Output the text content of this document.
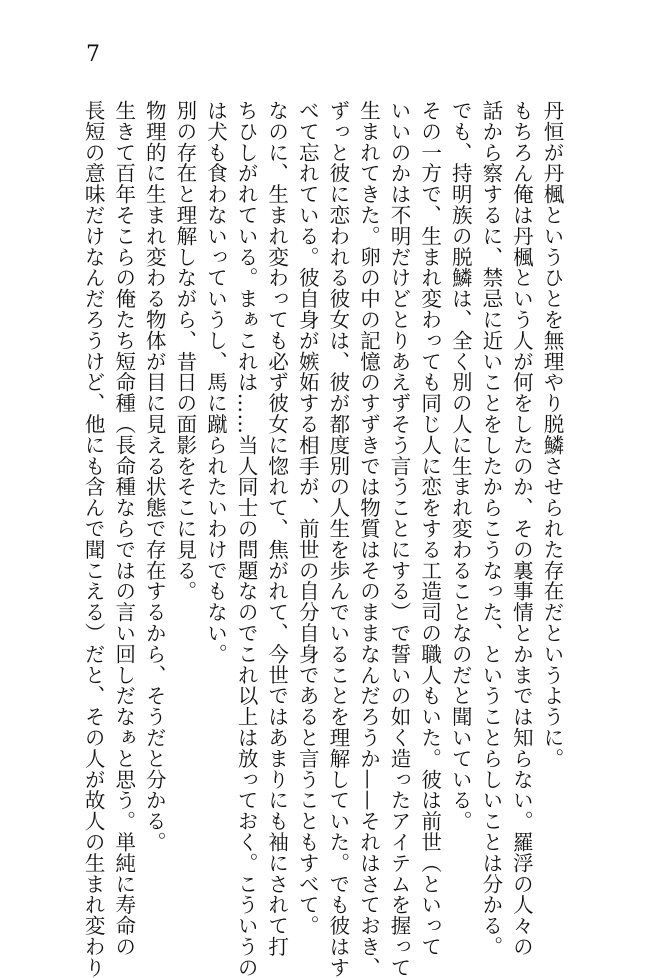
7
丹恒が丹楓というひとを無理やり脱鱗させられた存在だというように。
もちろん俺は丹楓という人が何をしたのか、その裏事情とかまでは知らない。羅浮の人々の
話から察するに、禁忌に近いことをしたからこうなった、ということらしいことは分かる。
でも、持明族の脱鱗は、全く別の人に生まれ変わることなのだと聞いている。
その一方で、生まれ変わっても同じ人に恋をする工造司の職人もいた。彼は前世（といって
いいのかは不明だけどとりあえずそう言うことにする）で誓いの如く造ったアイテムを握って
生まれてきた。卵の中の記憶のすずきでは物質はそのままなんだろうか——それはさておき、
ずっと彼に恋われる彼女は、彼が都度別の人生を歩んでいることを理解していた。でも彼はす
べて忘れている。彼自身が嫉妬する相手が、前世の自分自身であると言うこともすべて。
なのに、生まれ変わっても必ず彼女に惚れて、焦がれて、今世ではあまりにも袖にされて打
ちひしがれている。まぁこれは……当人同士の問題なのでこれ以上は放っておく。こういうの
は犬も食わないっていうし、馬に蹴られたいわけでもない。
別の存在と理解しながら、昔日の面影をそこに見る。
物理的に生まれ変わる物体が目に見える状態で存在するから、そうだと分かる。
生きて百年そこらの俺たち短命種（長命種ならではの言い回しだなぁと思う。単純に寿命の
長短の意味だけなんだろうけど、他にも含んで聞こえる）だと、その人が故人の生まれ変わり
